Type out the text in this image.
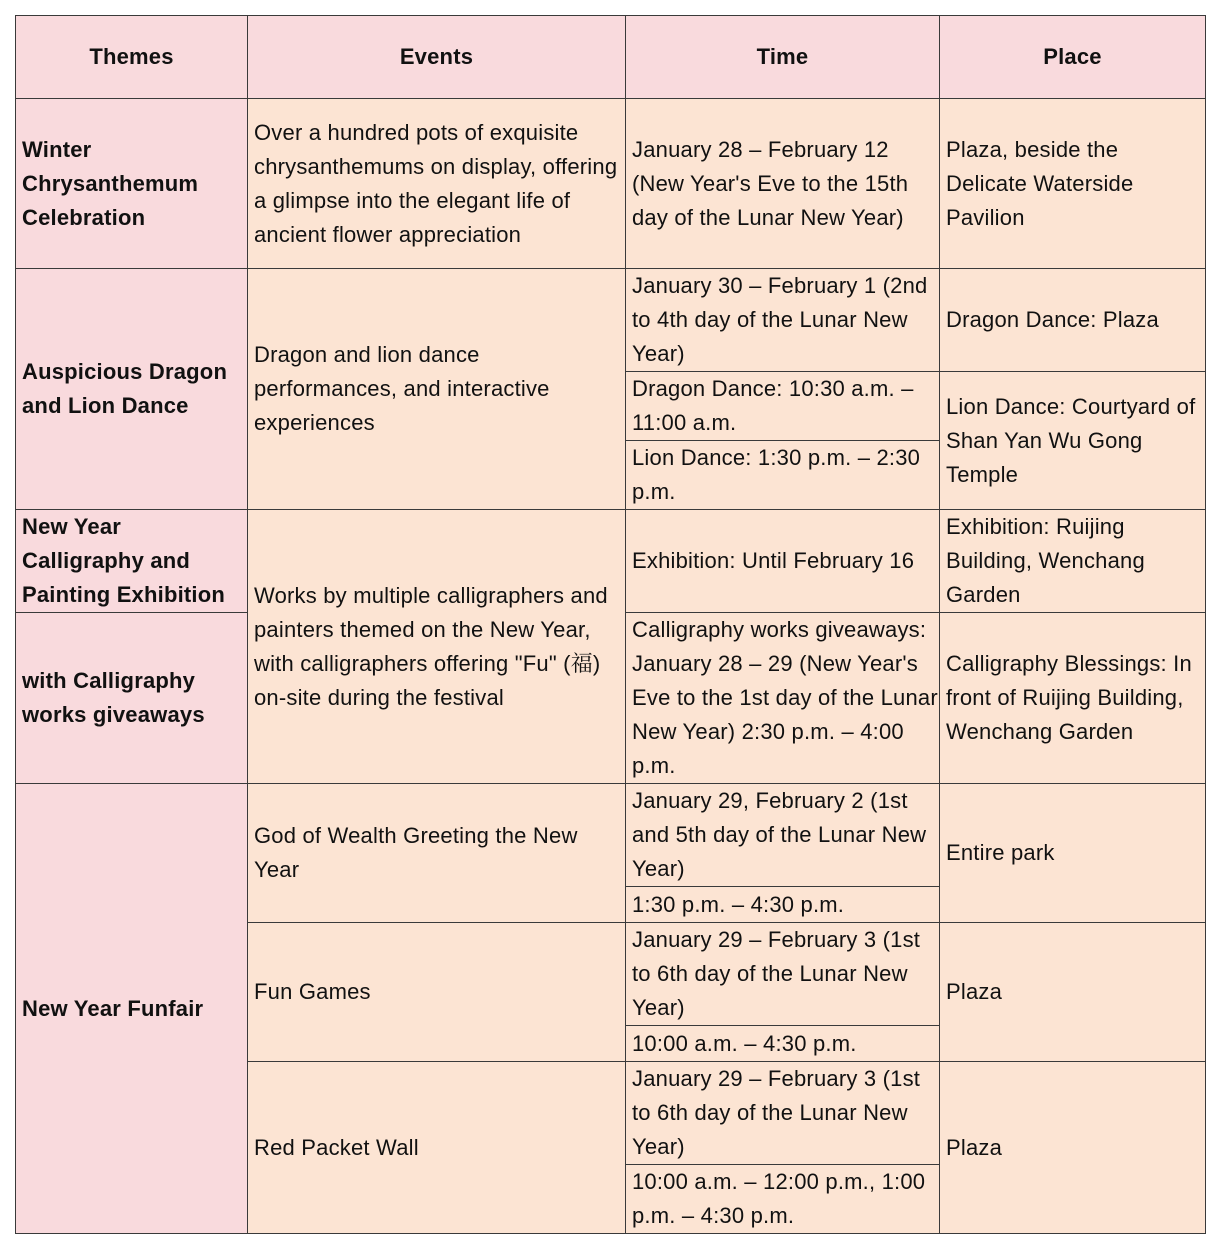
Themes	Events	Time	Place
Winter Chrysanthemum Celebration	Over a hundred pots of exquisite chrysanthemums on display, offering a glimpse into the elegant life of ancient flower appreciation	January 28 – February 12 (New Year's Eve to the 15th day of the Lunar New Year)	Plaza, beside the Delicate Waterside Pavilion
Auspicious Dragon and Lion Dance	Dragon and lion dance performances, and interactive experiences	January 30 – February 1 (2nd to 4th day of the Lunar New Year)	Dragon Dance: Plaza
		Dragon Dance: 10:30 a.m. – 11:00 a.m.	Lion Dance: Courtyard of Shan Yan Wu Gong Temple
		Lion Dance: 1:30 p.m. – 2:30 p.m.	
New Year Calligraphy and Painting Exhibition	Works by multiple calligraphers and painters themed on the New Year, with calligraphers offering "Fu" (福) on-site during the festival	Exhibition: Until February 16	Exhibition: Ruijing Building, Wenchang Garden
with Calligraphy works giveaways		Calligraphy works giveaways: January 28 – 29 (New Year's Eve to the 1st day of the Lunar New Year) 2:30 p.m. – 4:00 p.m.	Calligraphy Blessings: In front of Ruijing Building, Wenchang Garden
New Year Funfair	God of Wealth Greeting the New Year	January 29, February 2 (1st and 5th day of the Lunar New Year)	Entire park
		1:30 p.m. – 4:30 p.m.	
	Fun Games	January 29 – February 3 (1st to 6th day of the Lunar New Year)	Plaza
		10:00 a.m. – 4:30 p.m.	
	Red Packet Wall	January 29 – February 3 (1st to 6th day of the Lunar New Year)	Plaza
		10:00 a.m. – 12:00 p.m., 1:00 p.m. – 4:30 p.m.	
